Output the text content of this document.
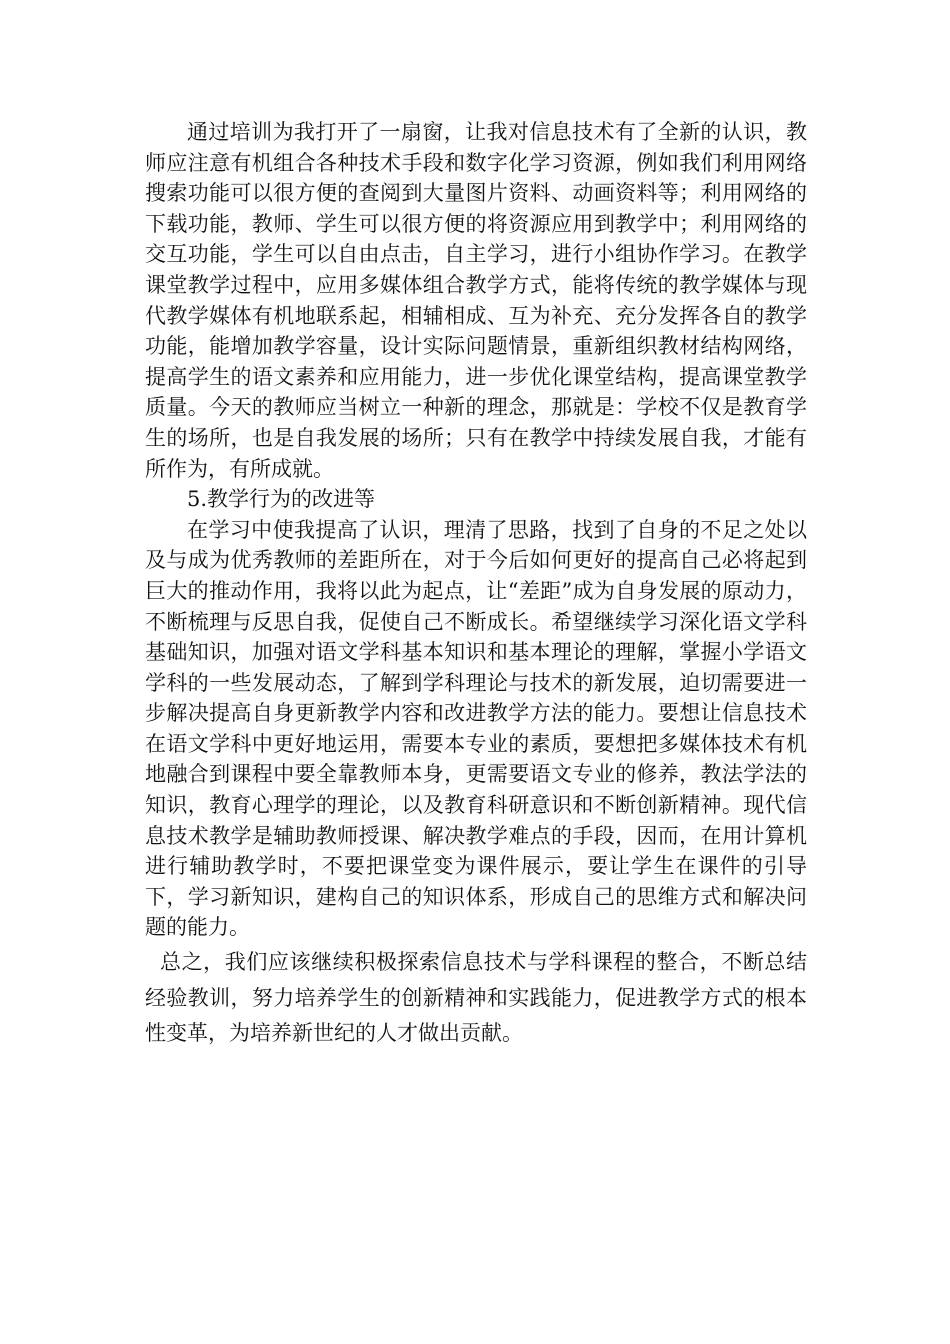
通过培训为我打开了一扇窗，让我对信息技术有了全新的认识，教师应注意有机组合各种技术手段和数字化学习资源，例如我们利用网络搜索功能可以很方便的查阅到大量图片资料、动画资料等；利用网络的下载功能，教师、学生可以很方便的将资源应用到教学中；利用网络的交互功能，学生可以自由点击，自主学习，进行小组协作学习。在教学课堂教学过程中，应用多媒体组合教学方式，能将传统的教学媒体与现代教学媒体有机地联系起，相辅相成、互为补充、充分发挥各自的教学功能，能增加教学容量，设计实际问题情景，重新组织教材结构网络，提高学生的语文素养和应用能力，进一步优化课堂结构，提高课堂教学质量。今天的教师应当树立一种新的理念，那就是：学校不仅是教育学生的场所，也是自我发展的场所；只有在教学中持续发展自我，才能有所作为，有所成就。

5.教学行为的改进等

在学习中使我提高了认识，理清了思路，找到了自身的不足之处以及与成为优秀教师的差距所在，对于今后如何更好的提高自己必将起到巨大的推动作用，我将以此为起点，让“差距”成为自身发展的原动力，不断梳理与反思自我，促使自己不断成长。希望继续学习深化语文学科基础知识，加强对语文学科基本知识和基本理论的理解，掌握小学语文学科的一些发展动态，了解到学科理论与技术的新发展，迫切需要进一步解决提高自身更新教学内容和改进教学方法的能力。要想让信息技术在语文学科中更好地运用，需要本专业的素质，要想把多媒体技术有机地融合到课程中要全靠教师本身，更需要语文专业的修养，教法学法的知识，教育心理学的理论，以及教育科研意识和不断创新精神。现代信息技术教学是辅助教师授课、解决教学难点的手段，因而，在用计算机进行辅助教学时，不要把课堂变为课件展示，要让学生在课件的引导下，学习新知识，建构自己的知识体系，形成自己的思维方式和解决问题的能力。

总之，我们应该继续积极探索信息技术与学科课程的整合，不断总结经验教训，努力培养学生的创新精神和实践能力，促进教学方式的根本性变革，为培养新世纪的人才做出贡献。
